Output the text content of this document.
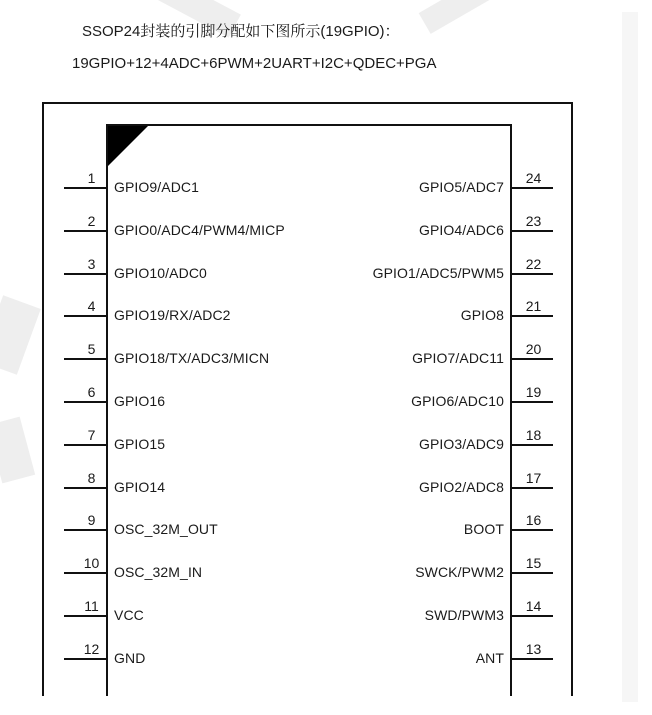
SSOP24封装的引脚分配如下图所示(19GPIO)：
19GPIO+12+4ADC+6PWM+2UART+I2C+QDEC+PGA
1
GPIO9/ADC1
2
GPIO0/ADC4/PWM4/MICP
3
GPIO10/ADC0
4
GPIO19/RX/ADC2
5
GPIO18/TX/ADC3/MICN
6
GPIO16
7
GPIO15
8
GPIO14
9
OSC_32M_OUT
10
OSC_32M_IN
11
VCC
12
GND
24
GPIO5/ADC7
23
GPIO4/ADC6
22
GPIO1/ADC5/PWM5
21
GPIO8
20
GPIO7/ADC11
19
GPIO6/ADC10
18
GPIO3/ADC9
17
GPIO2/ADC8
16
BOOT
15
SWCK/PWM2
14
SWD/PWM3
13
ANT
